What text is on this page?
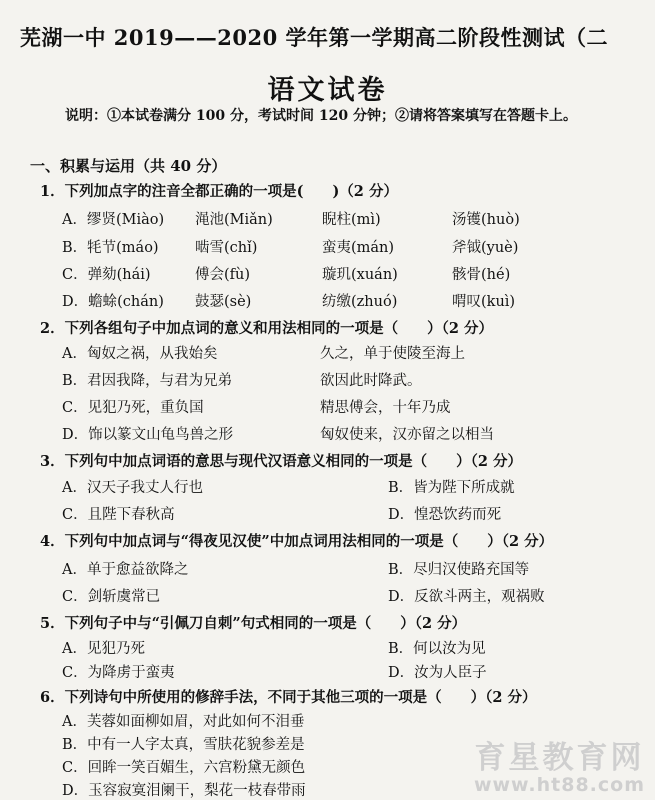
芜湖一中 2019——2020 学年第一学期高二阶段性测试（二
语文试卷
说明：①本试卷满分 100 分，考试时间 120 分钟；②请将答案填写在答题卡上。
一、积累与运用（共 40 分）
1．下列加点字的注音全都正确的一项是(　　)（2 分）
A．缪贤(Miào) 渑池(Miǎn)	睨柱(mì)	汤镬(huò)
B．牦节(máo)	啮雪(chǐ)	蛮夷(mán)	斧钺(yuè)
C．弹劾(hái)	傅会(fù)	璇玑(xuán)	骸骨(hé)
D．蟾蜍(chán) 鼓瑟(sè)	纺缴(zhuó)	喟叹(kuì)
2．下列各组句子中加点词的意义和用法相同的一项是（　　）（2 分）
A．匈奴之祸，从我始矣	久之，单于使陵至海上
B．君因我降，与君为兄弟	欲因此时降武。
C．见犯乃死，重负国	精思傅会，十年乃成
D．饰以篆文山龟鸟兽之形	匈奴使来，汉亦留之以相当
3．下列句中加点词语的意思与现代汉语意义相同的一项是（　　）（2 分）
A．汉天子我丈人行也	B．皆为陛下所成就
C．且陛下春秋高	D．惶恐饮药而死
4．下列句中加点词与“得夜见汉使”中加点词用法相同的一项是（　　）（2 分）
A．单于愈益欲降之	B．尽归汉使路充国等
C．剑斩虞常已	D．反欲斗两主，观祸败
5．下列句子中与“引佩刀自刺”句式相同的一项是（　　）（2 分）
A．见犯乃死	B．何以汝为见
C．为降虏于蛮夷	D．汝为人臣子
6．下列诗句中所使用的修辞手法，不同于其他三项的一项是（　　）（2 分）
A．芙蓉如面柳如眉，对此如何不泪垂
B．中有一人字太真，雪肤花貌参差是
C．回眸一笑百媚生，六宫粉黛无颜色
D．玉容寂寞泪阑干，梨花一枝春带雨
育星教育网
www.ht88.com
